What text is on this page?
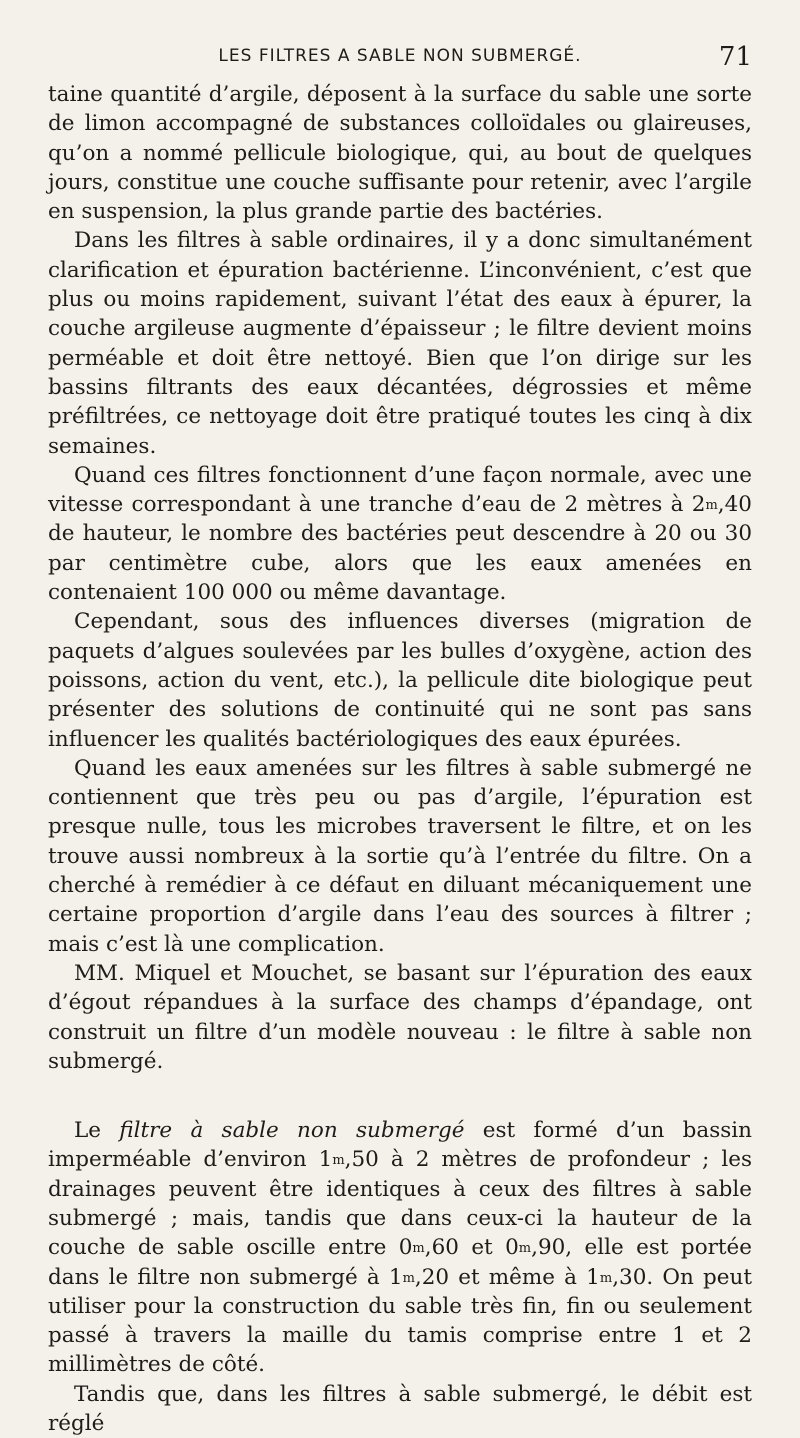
LES FILTRES A SABLE NON SUBMERGÉ.	71

taine quantité d’argile, déposent à la surface du sable une sorte de limon accompagné de substances colloïdales ou glaireuses, qu’on a nommé pellicule biologique, qui, au bout de quelques jours, constitue une couche suffisante pour retenir, avec l’argile en suspension, la plus grande partie des bactéries.

Dans les filtres à sable ordinaires, il y a donc simultanément clarification et épuration bactérienne. L’inconvénient, c’est que plus ou moins rapidement, suivant l’état des eaux à épurer, la couche argileuse augmente d’épaisseur ; le filtre devient moins perméable et doit être nettoyé. Bien que l’on dirige sur les bassins filtrants des eaux décantées, dégrossies et même préfiltrées, ce nettoyage doit être pratiqué toutes les cinq à dix semaines.

Quand ces filtres fonctionnent d’une façon normale, avec une vitesse correspondant à une tranche d’eau de 2 mètres à 2$^m$,40 de hauteur, le nombre des bactéries peut descendre à 20 ou 30 par centimètre cube, alors que les eaux amenées en contenaient 100 000 ou même davantage.

Cependant, sous des influences diverses (migration de paquets d’algues soulevées par les bulles d’oxygène, action des poissons, action du vent, etc.), la pellicule dite biologique peut présenter des solutions de continuité qui ne sont pas sans influencer les qualités bactériologiques des eaux épurées.

Quand les eaux amenées sur les filtres à sable submergé ne contiennent que très peu ou pas d’argile, l’épuration est presque nulle, tous les microbes traversent le filtre, et on les trouve aussi nombreux à la sortie qu’à l’entrée du filtre. On a cherché à remédier à ce défaut en diluant mécaniquement une certaine proportion d’argile dans l’eau des sources à filtrer ; mais c’est là une complication.

MM. Miquel et Mouchet, se basant sur l’épuration des eaux d’égout répandues à la surface des champs d’épandage, ont construit un filtre d’un modèle nouveau : le filtre à sable non submergé.

Le filtre à sable non submergé est formé d’un bassin imperméable d’environ 1$^m$,50 à 2 mètres de profondeur ; les drainages peuvent être identiques à ceux des filtres à sable submergé ; mais, tandis que dans ceux-ci la hauteur de la couche de sable oscille entre 0$^m$,60 et 0$^m$,90, elle est portée dans le filtre non submergé à 1$^m$,20 et même à 1$^m$,30. On peut utiliser pour la construction du sable très fin, fin ou seulement passé à travers la maille du tamis comprise entre 1 et 2 millimètres de côté.

Tandis que, dans les filtres à sable submergé, le débit est réglé
